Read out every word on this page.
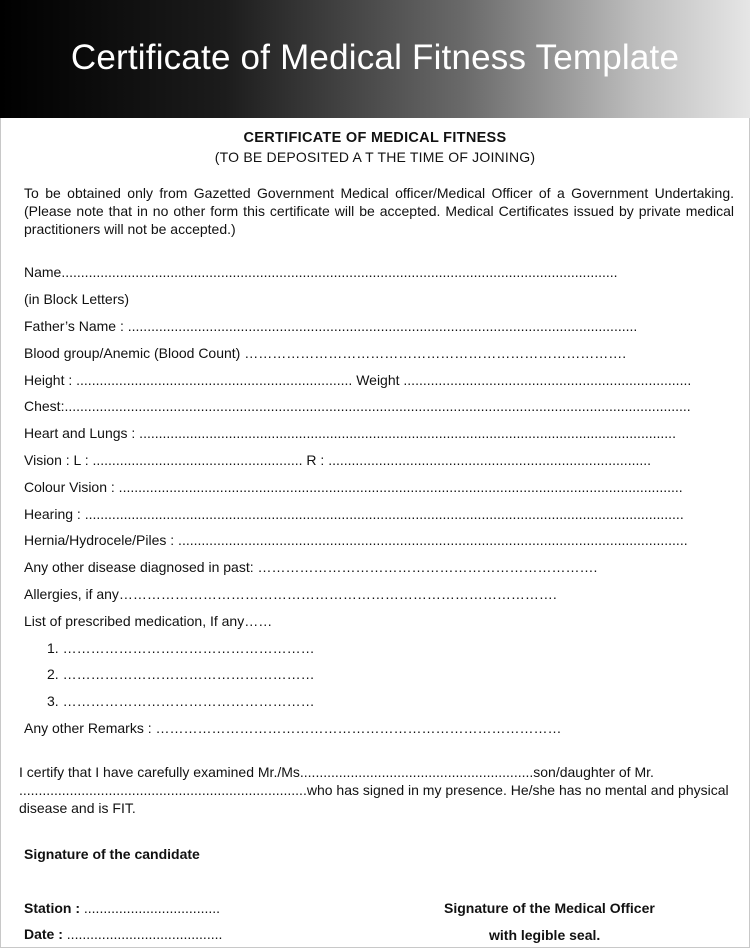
Certificate of Medical Fitness Template
CERTIFICATE OF MEDICAL FITNESS
(TO BE DEPOSITED A T THE TIME OF JOINING)
To be obtained only from Gazetted Government Medical officer/Medical Officer of a Government Undertaking. (Please note that in no other form this certificate will be accepted. Medical Certificates issued by private medical practitioners will not be accepted.)
Name...............................................................................................................................................
(in Block Letters)
Father’s Name : ...................................................................................................................................
Blood group/Anemic (Blood Count) ……………………………………………………………………….
Height : ....................................................................... Weight ..........................................................................
Chest:.................................................................................................................................................................
Heart and Lungs : ..........................................................................................................................................
Vision : L : ...................................................... R : ...................................................................................
Colour Vision : .................................................................................................................................................
Hearing : ..........................................................................................................................................................
Hernia/Hydrocele/Piles : ...................................................................................................................................
Any other disease diagnosed in past: ……………………………………………………………….
Allergies, if any………………………………………………………………………………….
List of prescribed medication, If any……
1. ………………………………………………
2. ………………………………………………
3. ………………………………………………
Any other Remarks : ……………………………………………………………………………
I certify that I have carefully examined Mr./Ms............................................................son/daughter of Mr. ..........................................................................who has signed in my presence. He/she has no mental and physical disease and is FIT.
Signature of the candidate
Station : ...................................
Date : ........................................
Signature of the Medical Officer
with legible seal.
